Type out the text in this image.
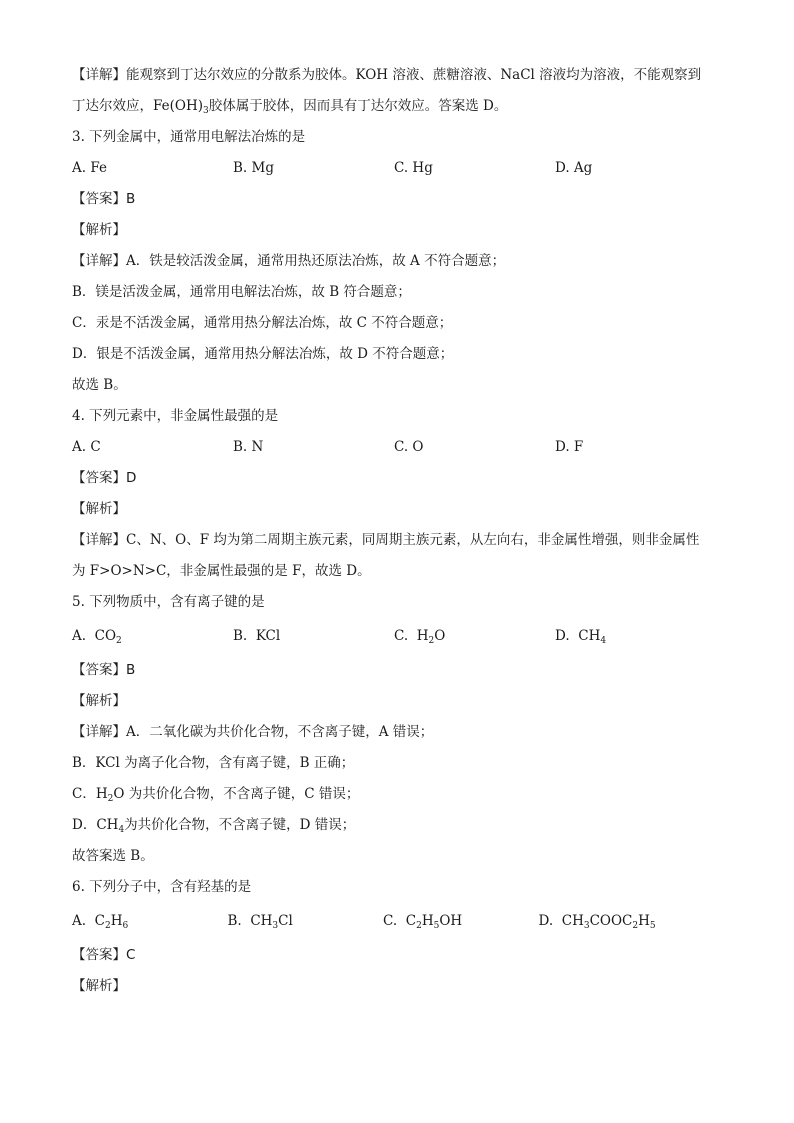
【详解】能观察到丁达尔效应的分散系为胶体。KOH 溶液、蔗糖溶液、NaCl 溶液均为溶液，不能观察到
丁达尔效应，$Fe(OH)_3$胶体属于胶体，因而具有丁达尔效应。答案选 D。
3. 下列金属中，通常用电解法冶炼的是
A. Fe	B. Mg	C. Hg	D. Ag
【答案】B
【解析】
【详解】A．铁是较活泼金属，通常用热还原法冶炼，故 A 不符合题意；
B．镁是活泼金属，通常用电解法冶炼，故 B 符合题意；
C．汞是不活泼金属，通常用热分解法冶炼，故 C 不符合题意；
D．银是不活泼金属，通常用热分解法冶炼，故 D 不符合题意；
故选 B。
4. 下列元素中，非金属性最强的是
A. C	B. N	C. O	D. F
【答案】D
【解析】
【详解】C、N、O、F 均为第二周期主族元素，同周期主族元素，从左向右，非金属性增强，则非金属性
为 F>O>N>C，非金属性最强的是 F，故选 D。
5. 下列物质中，含有离子键的是
A. $CO_2$	B. KCl	C. $H_2O$	D. $CH_4$
【答案】B
【解析】
【详解】A．二氧化碳为共价化合物，不含离子键，A 错误；
B．KCl 为离子化合物，含有离子键，B 正确；
C．$H_2O$ 为共价化合物，不含离子键，C 错误；
D．$CH_4$为共价化合物，不含离子键，D 错误；
故答案选 B。
6. 下列分子中，含有羟基的是
A. $C_2H_6$	B. $CH_3Cl$	C. $C_2H_5OH$	D. $CH_3COOC_2H_5$
【答案】C
【解析】
